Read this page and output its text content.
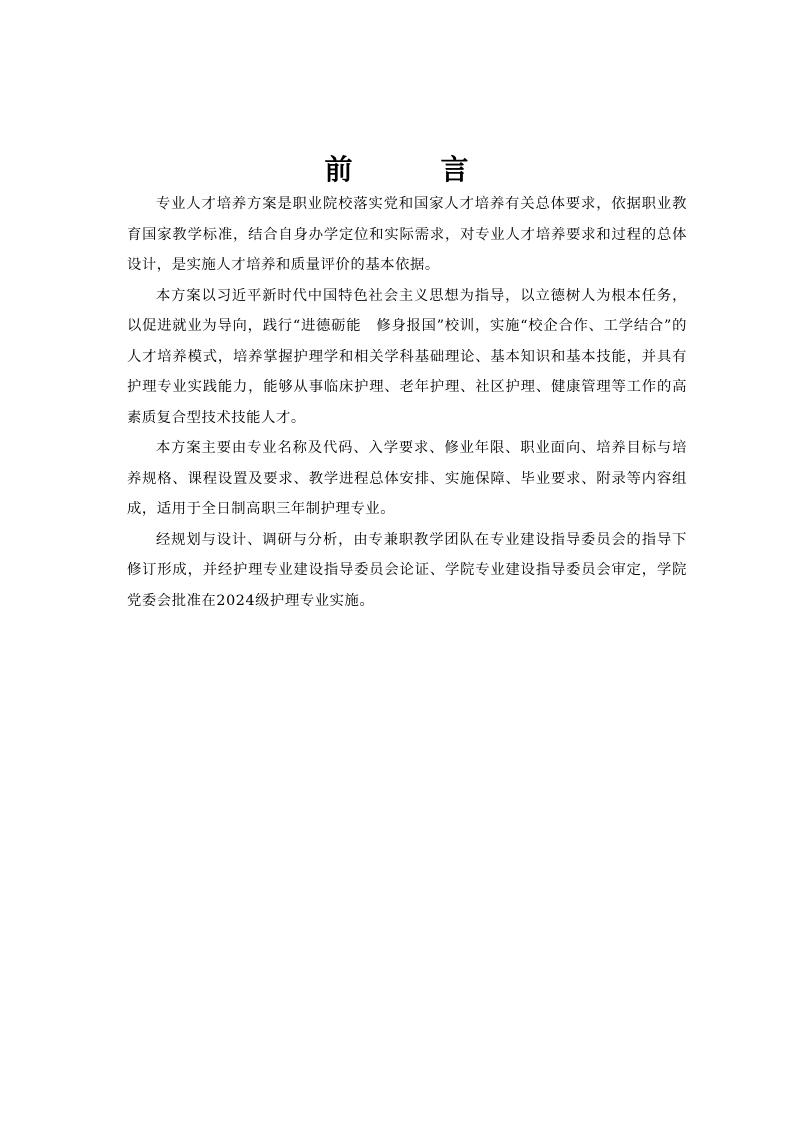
前　言

专业人才培养方案是职业院校落实党和国家人才培养有关总体要求，依据职业教育国家教学标准，结合自身办学定位和实际需求，对专业人才培养要求和过程的总体设计，是实施人才培养和质量评价的基本依据。

本方案以习近平新时代中国特色社会主义思想为指导，以立德树人为根本任务，以促进就业为导向，践行“进德砺能　修身报国”校训，实施“校企合作、工学结合”的人才培养模式，培养掌握护理学和相关学科基础理论、基本知识和基本技能，并具有护理专业实践能力，能够从事临床护理、老年护理、社区护理、健康管理等工作的高素质复合型技术技能人才。

本方案主要由专业名称及代码、入学要求、修业年限、职业面向、培养目标与培养规格、课程设置及要求、教学进程总体安排、实施保障、毕业要求、附录等内容组成，适用于全日制高职三年制护理专业。

经规划与设计、调研与分析，由专兼职教学团队在专业建设指导委员会的指导下修订形成，并经护理专业建设指导委员会论证、学院专业建设指导委员会审定，学院党委会批准在2024级护理专业实施。
